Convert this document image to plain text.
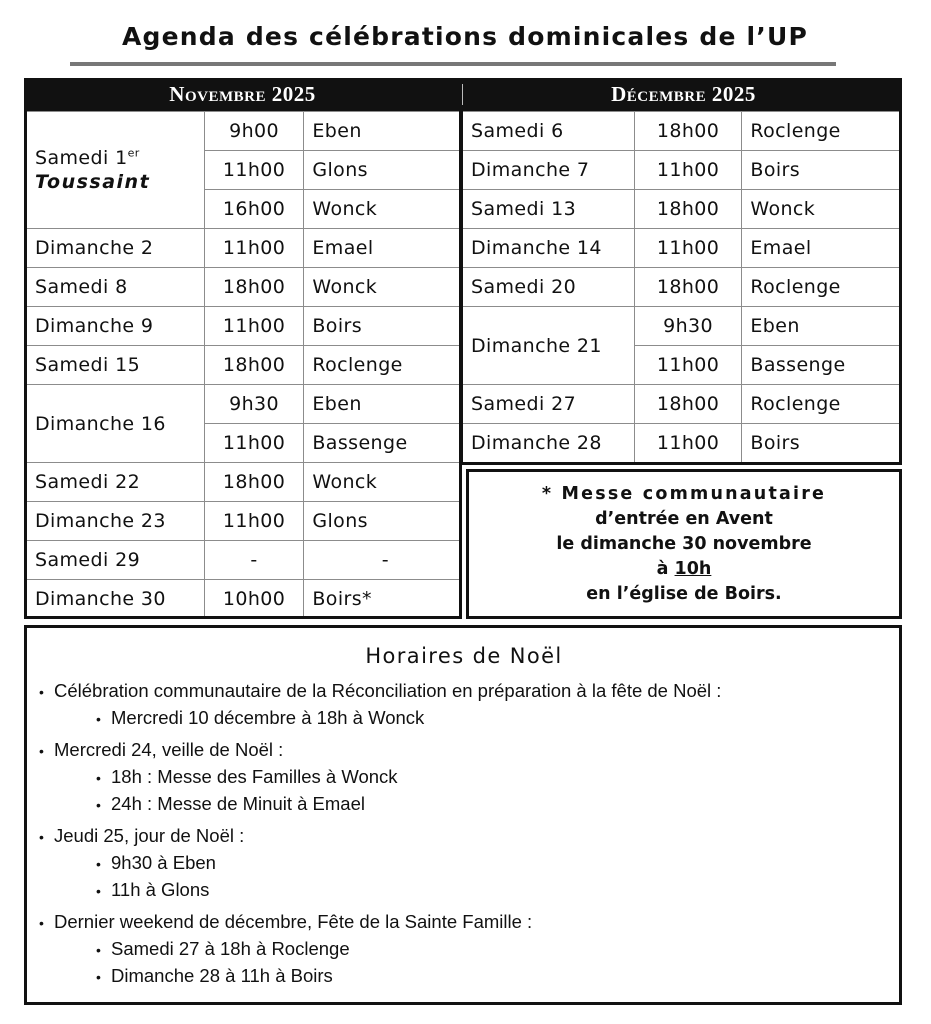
Agenda des célébrations dominicales de l’UP
Novembre 2025	Décembre 2025
Samedi 1er
Toussaint	9h00	Eben
	11h00	Glons
	16h00	Wonck
Dimanche 2	11h00	Emael
Samedi 8	18h00	Wonck
Dimanche 9	11h00	Boirs
Samedi 15	18h00	Roclenge
Dimanche 16	9h30	Eben
	11h00	Bassenge
Samedi 22	18h00	Wonck
Dimanche 23	11h00	Glons
Samedi 29	-	-
Dimanche 30	10h00	Boirs*
Samedi 6	18h00	Roclenge
Dimanche 7	11h00	Boirs
Samedi 13	18h00	Wonck
Dimanche 14	11h00	Emael
Samedi 20	18h00	Roclenge
Dimanche 21	9h30	Eben
	11h00	Bassenge
Samedi 27	18h00	Roclenge
Dimanche 28	11h00	Boirs
* Messe communautaire
d’entrée en Avent
le dimanche 30 novembre
à 10h
en l’église de Boirs.
Horaires de Noël
• Célébration communautaire de la Réconciliation en préparation à la fête de Noël :
• Mercredi 10 décembre à 18h à Wonck
• Mercredi 24, veille de Noël :
• 18h : Messe des Familles à Wonck
• 24h : Messe de Minuit à Emael
• Jeudi 25, jour de Noël :
• 9h30 à Eben
• 11h à Glons
• Dernier weekend de décembre, Fête de la Sainte Famille :
• Samedi 27 à 18h à Roclenge
• Dimanche 28 à 11h à Boirs
